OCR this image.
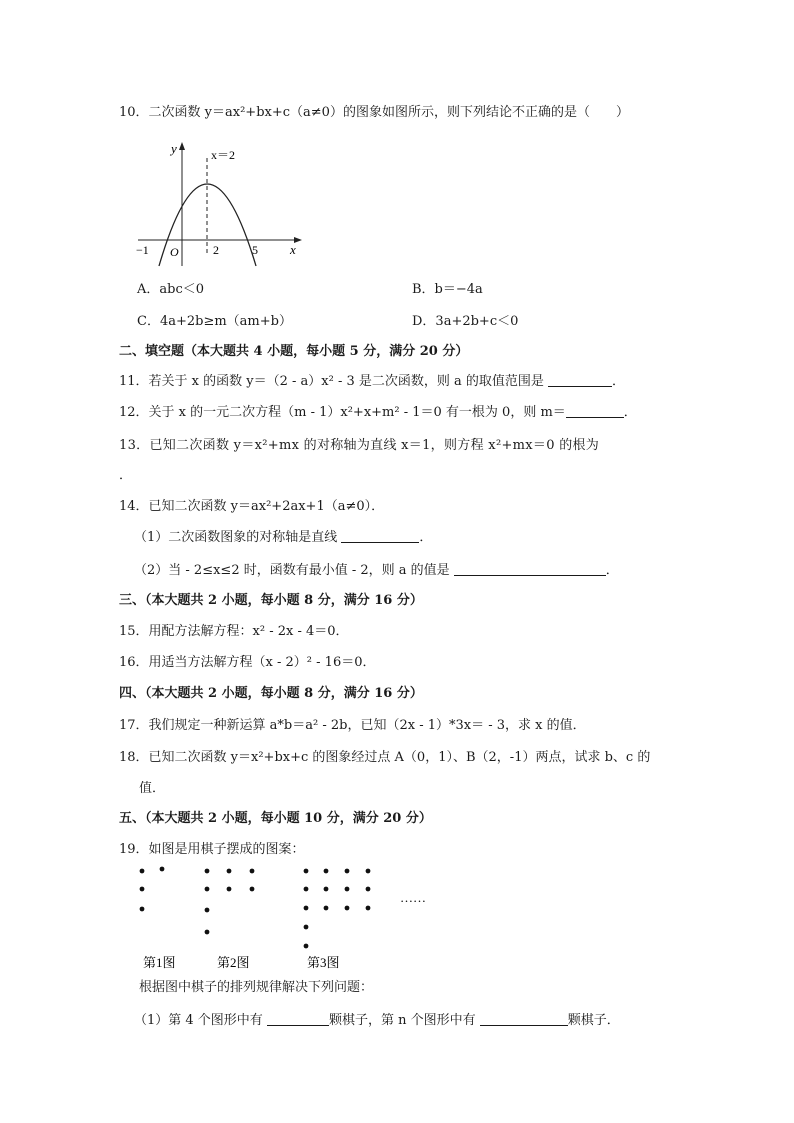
10．二次函数 y＝ax²+bx+c（a≠0）的图象如图所示，则下列结论不正确的是（　　）
y
x
x＝2
−1 O	2	5
A．abc＜0	B．b＝−4a
C．4a+2b≥m（am+b）	D．3a+2b+c＜0
二、填空题（本大题共 4 小题，每小题 5 分，满分 20 分）
11．若关于 x 的函数 y＝（2 - a）x² - 3 是二次函数，则 a 的取值范围是	．
12．关于 x 的一元二次方程（m - 1）x²+x+m² - 1＝0 有一根为 0，则 m＝	．
13．已知二次函数 y＝x²+mx 的对称轴为直线 x＝1，则方程 x²+mx＝0 的根为
．
14．已知二次函数 y＝ax²+2ax+1（a≠0）．
（1）二次函数图象的对称轴是直线	．
（2）当 - 2≤x≤2 时，函数有最小值 - 2，则 a 的值是	．
三、（本大题共 2 小题，每小题 8 分，满分 16 分）
15．用配方法解方程：x² - 2x - 4＝0．
16．用适当方法解方程（x - 2）² - 16＝0．
四、（本大题共 2 小题，每小题 8 分，满分 16 分）
17．我们规定一种新运算 a*b＝a² - 2b，已知（2x - 1）*3x＝ - 3，求 x 的值．
18．已知二次函数 y＝x²+bx+c 的图象经过点 A（0，1）、B（2，-1）两点，试求 b、c 的
值．
五、（本大题共 2 小题，每小题 10 分，满分 20 分）
19．如图是用棋子摆成的图案：
……
第1图	第2图	第3图
根据图中棋子的排列规律解决下列问题：
（1）第 4 个图形中有	颗棋子，第 n 个图形中有	颗棋子．
